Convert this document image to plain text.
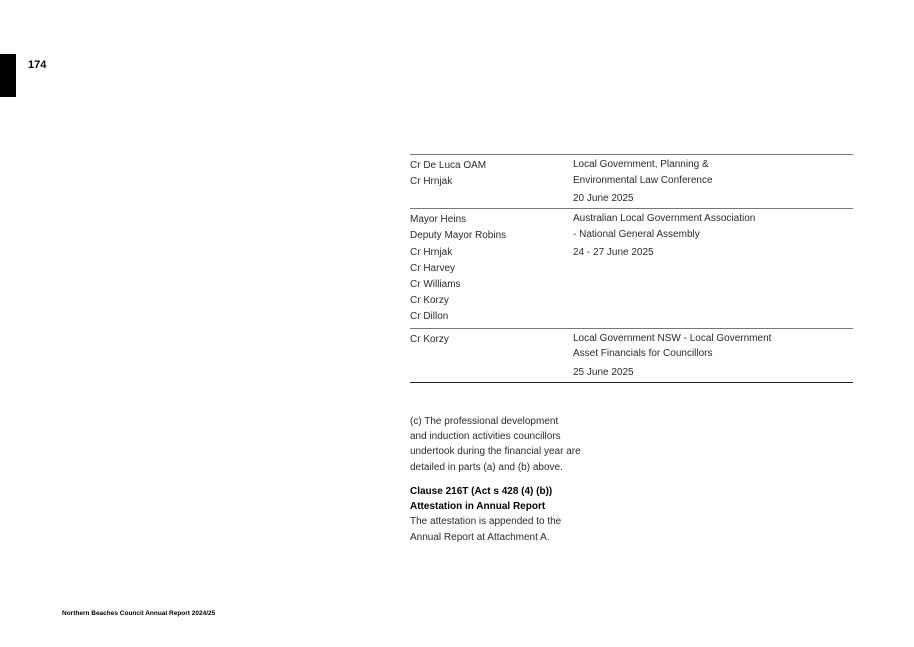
174
Cr De Luca OAM
Cr Hrnjak
Local Government, Planning &
Environmental Law Conference
20 June 2025
Mayor Heins
Deputy Mayor Robins
Cr Hrnjak
Cr Harvey
Cr Williams
Cr Korzy
Cr Dillon
Australian Local Government Association
- National General Assembly
24 - 27 June 2025
Cr Korzy	Local Government NSW - Local Government
Asset Financials for Councillors
25 June 2025
(c) The professional development
and induction activities councillors
undertook during the financial year are
detailed in parts (a) and (b) above.
Clause 216T (Act s 428 (4) (b))
Attestation in Annual Report
The attestation is appended to the
Annual Report at Attachment A.
Northern Beaches Council Annual Report 2024/25
